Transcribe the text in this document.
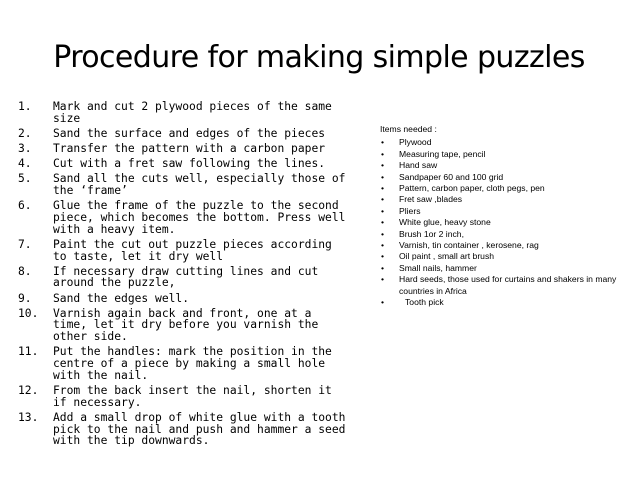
Procedure for making simple puzzles
1.	Mark and cut 2 plywood pieces of the same size
2.	Sand the surface and edges of the pieces
3.	Transfer the pattern with a carbon paper
4.	Cut with a fret saw following the lines.
5.	Sand all the cuts well, especially those of the ‘frame’
6.	Glue the frame of the puzzle to the second piece, which becomes the bottom. Press well with a heavy item.
7.	Paint the cut out puzzle pieces according to taste, let it dry well
8.	If necessary draw cutting lines and cut around the puzzle,
9.	Sand the edges well.
10.	Varnish again back and front, one at a time, let it dry before you varnish the other side.
11.	Put the handles: mark the position in the centre of a piece by making a small hole with the nail.
12.	From the back insert the nail, shorten it if necessary.
13.	Add a small drop of white glue with a tooth pick to the nail and push and hammer a seed with the tip downwards.
Items needed :
•	Plywood
•	Measuring tape, pencil
•	Hand saw
•	Sandpaper 60 and 100 grid
•	Pattern, carbon paper, cloth pegs, pen
•	Fret saw ,blades
•	Pliers
•	White glue, heavy stone
•	Brush 1or 2 inch,
•	Varnish, tin container , kerosene, rag
•	Oil paint , small art brush
•	Small nails, hammer
•	Hard seeds, those used for curtains and shakers in many countries in Africa
•	Tooth pick
